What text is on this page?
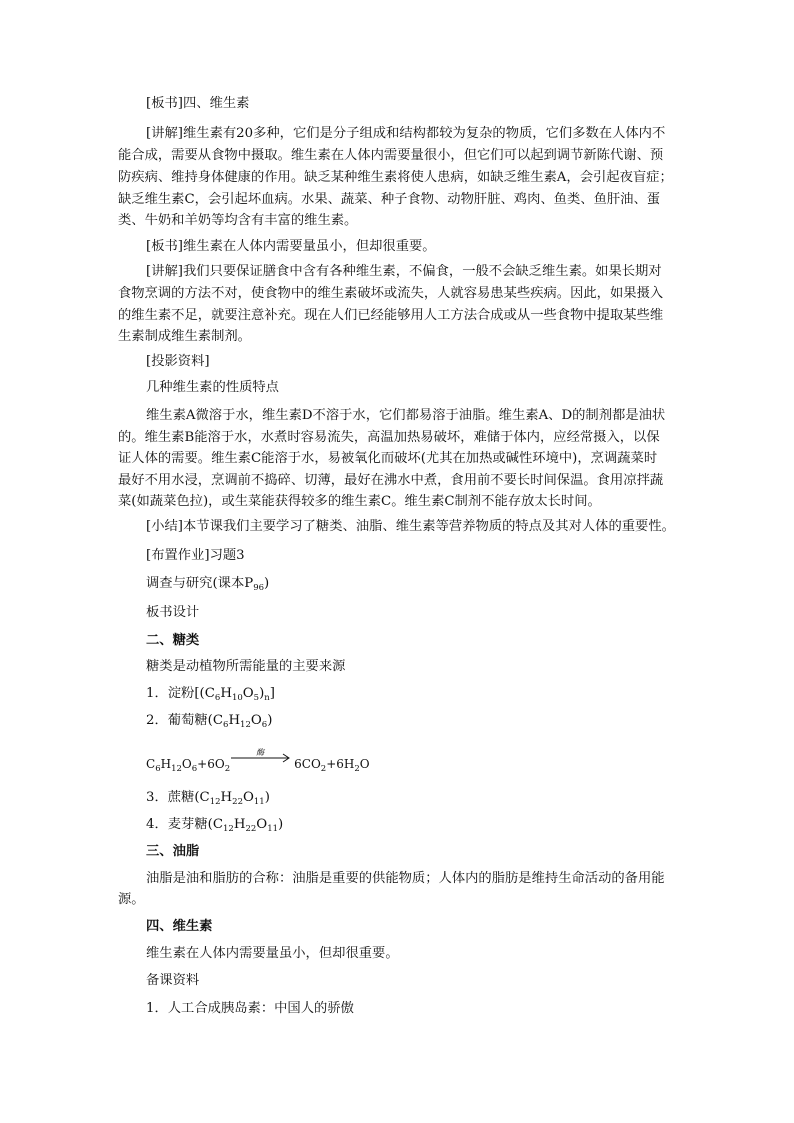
[板书]四、维生素
[讲解]维生素有20多种，它们是分子组成和结构都较为复杂的物质，它们多数在人体内不
能合成，需要从食物中摄取。维生素在人体内需要量很小，但它们可以起到调节新陈代谢、预
防疾病、维持身体健康的作用。缺乏某种维生素将使人患病，如缺乏维生素A，会引起夜盲症；
缺乏维生素C，会引起坏血病。水果、蔬菜、种子食物、动物肝脏、鸡肉、鱼类、鱼肝油、蛋
类、牛奶和羊奶等均含有丰富的维生素。
[板书]维生素在人体内需要量虽小，但却很重要。
[讲解]我们只要保证膳食中含有各种维生素，不偏食，一般不会缺乏维生素。如果长期对
食物烹调的方法不对，使食物中的维生素破坏或流失，人就容易患某些疾病。因此，如果摄入
的维生素不足，就要注意补充。现在人们已经能够用人工方法合成或从一些食物中提取某些维
生素制成维生素制剂。
[投影资料]
几种维生素的性质特点
维生素A微溶于水，维生素D不溶于水，它们都易溶于油脂。维生素A、D的制剂都是油状
的。维生素B能溶于水，水煮时容易流失，高温加热易破坏，难储于体内，应经常摄入，以保
证人体的需要。维生素C能溶于水，易被氧化而破坏(尤其在加热或碱性环境中)，烹调蔬菜时
最好不用水浸，烹调前不捣碎、切薄，最好在沸水中煮，食用前不要长时间保温。食用凉拌蔬
菜(如蔬菜色拉)，或生菜能获得较多的维生素C。维生素C制剂不能存放太长时间。
[小结]本节课我们主要学习了糖类、油脂、维生素等营养物质的特点及其对人体的重要性。
[布置作业]习题3
调查与研究(课本$P_{96}$)
板书设计
二、糖类
糖类是动植物所需能量的主要来源
1．淀粉$[(C_6H_{10}O_5)_n]$
2．葡萄糖$(C_6H_{12}O_6)$
$C_6H_{12}O_6+6O_2$
酶
$6CO_2+6H_2O$
3．蔗糖$(C_{12}H_{22}O_{11})$
4．麦芽糖$(C_{12}H_{22}O_{11})$
三、油脂
油脂是油和脂肪的合称：油脂是重要的供能物质；人体内的脂肪是维持生命活动的备用能
源。
四、维生素
维生素在人体内需要量虽小，但却很重要。
备课资料
1．人工合成胰岛素：中国人的骄傲
